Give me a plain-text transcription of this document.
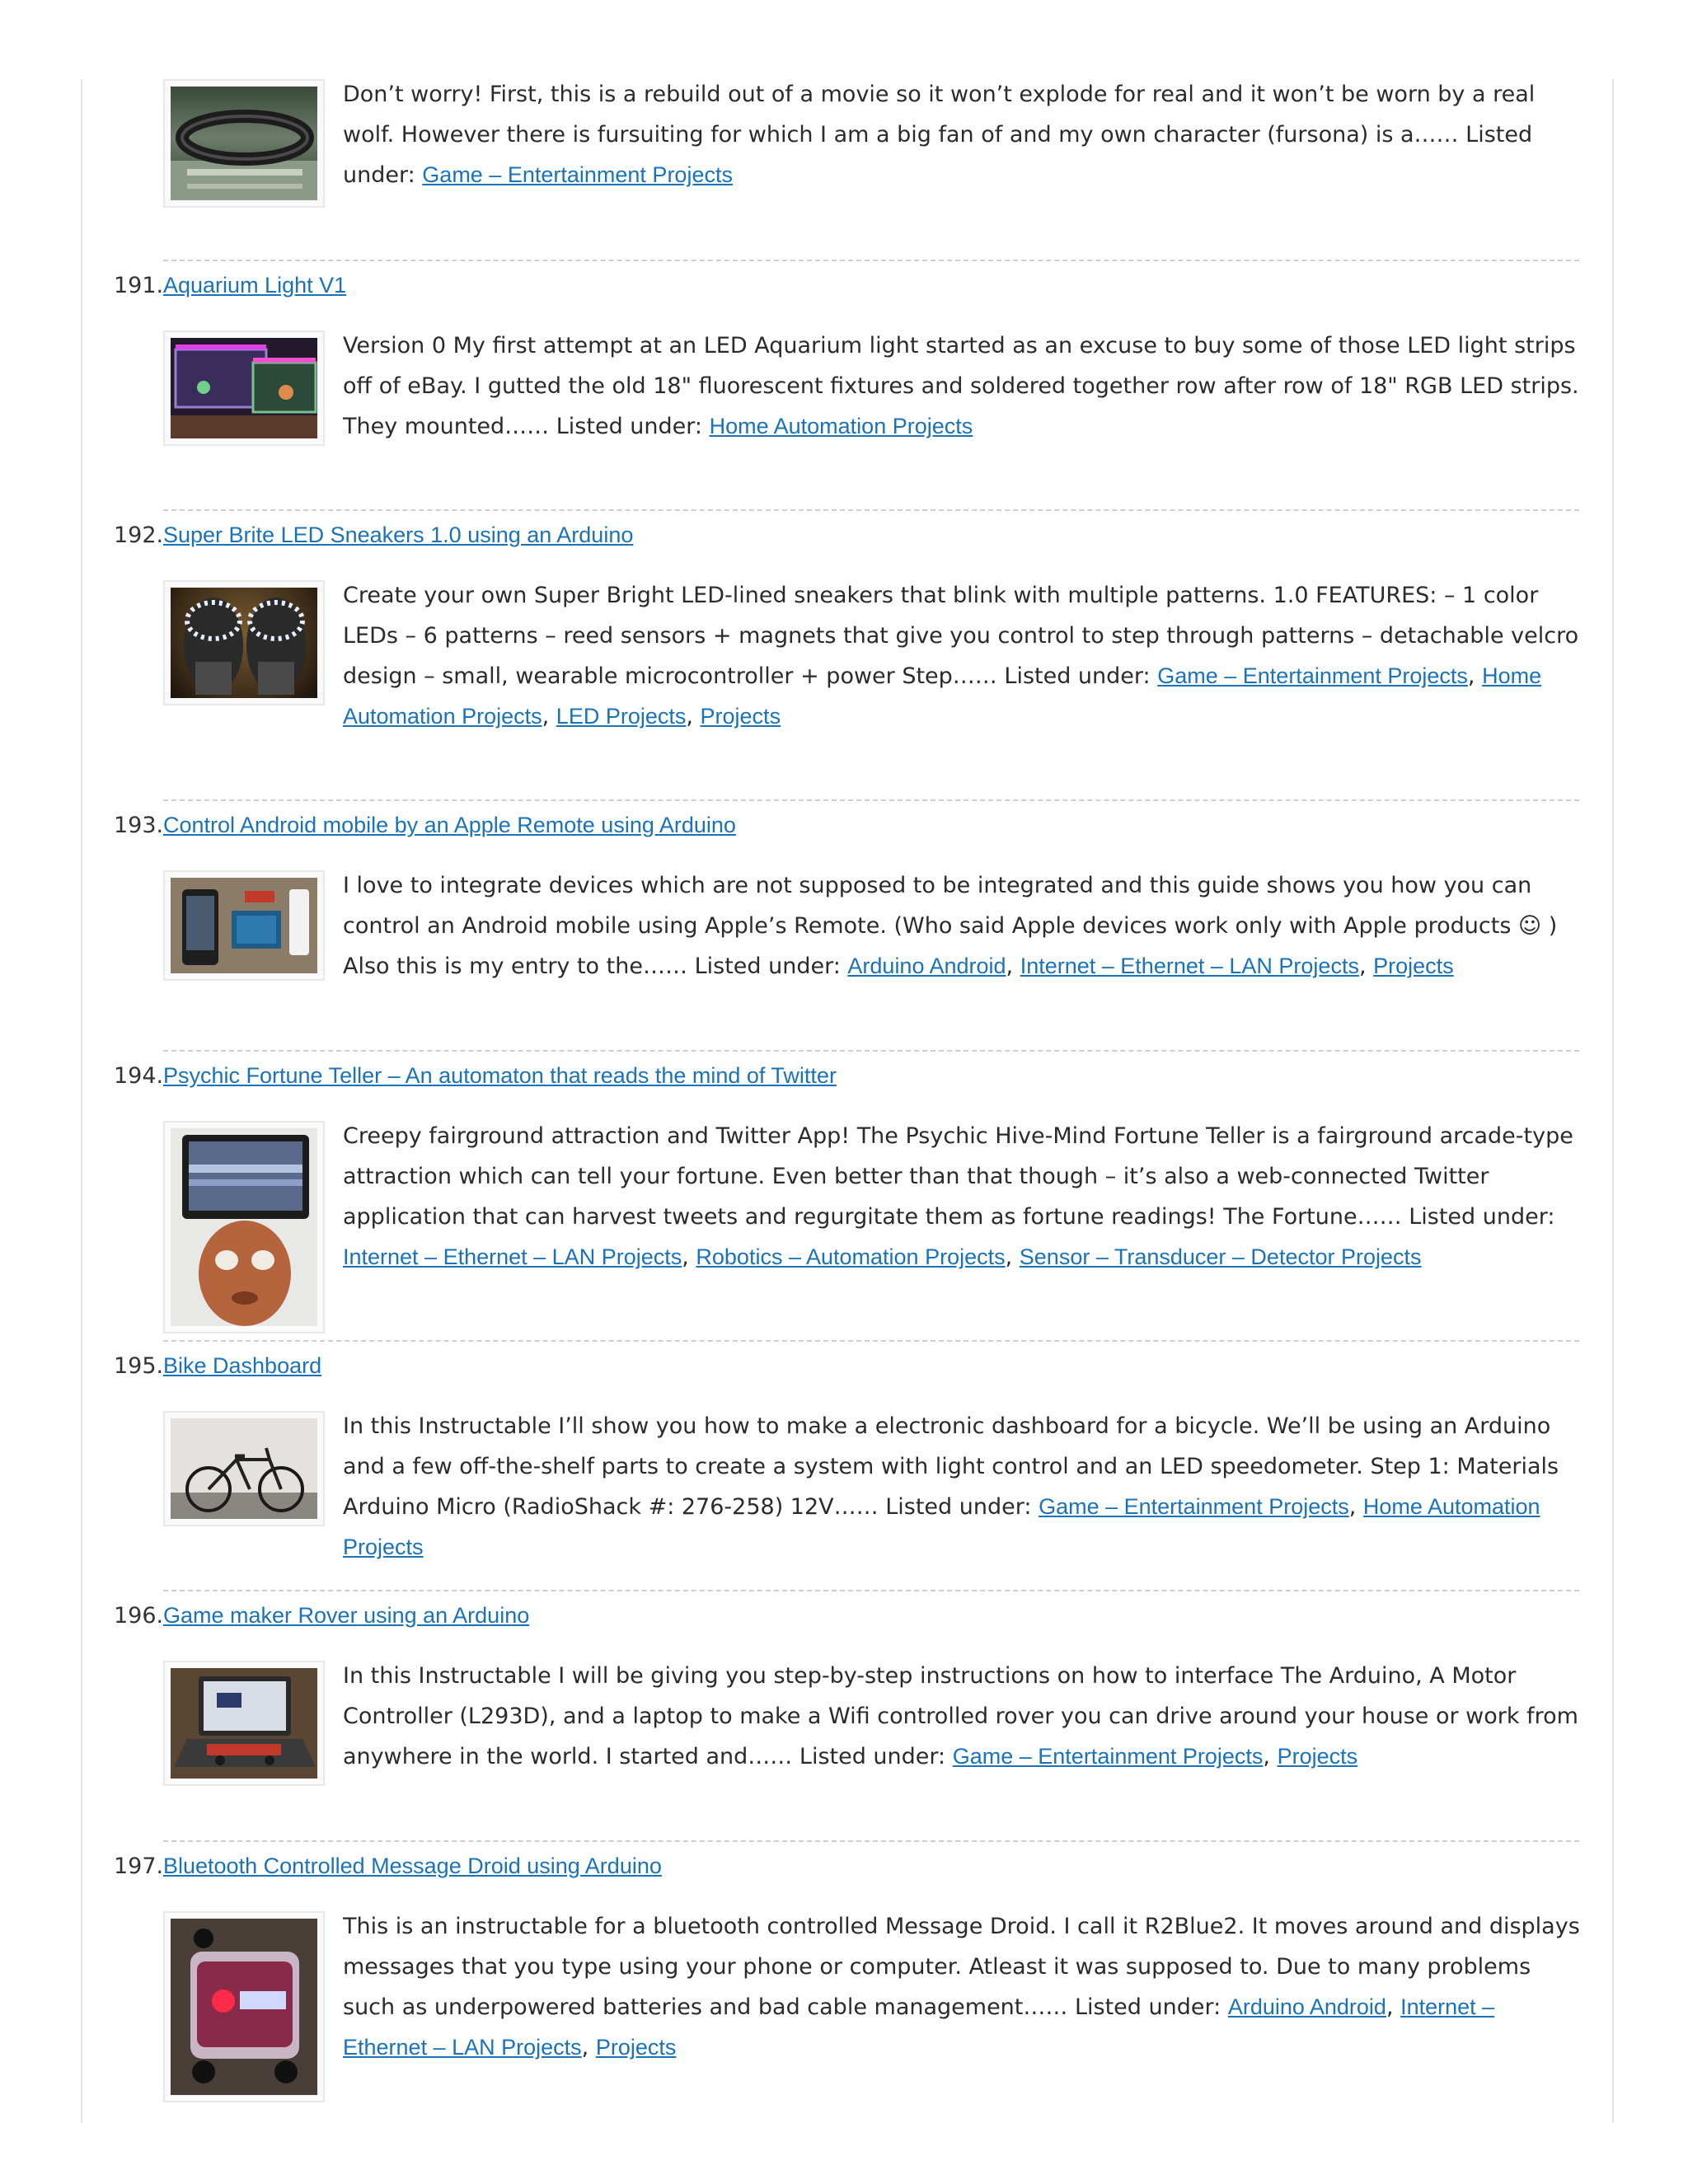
Don’t worry! First, this is a rebuild out of a movie so it won’t explode for real and it won’t be worn by a real wolf. However there is fursuiting for which I am a big fan of and my own character (fursona) is a…… Listed under: Game – Entertainment Projects
191. Aquarium Light V1
Version 0 My first attempt at an LED Aquarium light started as an excuse to buy some of those LED light strips off of eBay. I gutted the old 18" fluorescent fixtures and soldered together row after row of 18" RGB LED strips. They mounted…… Listed under: Home Automation Projects
192. Super Brite LED Sneakers 1.0 using an Arduino
Create your own Super Bright LED-lined sneakers that blink with multiple patterns. 1.0 FEATURES: – 1 color LEDs – 6 patterns – reed sensors + magnets that give you control to step through patterns – detachable velcro design – small, wearable microcontroller + power Step…… Listed under: Game – Entertainment Projects, Home Automation Projects, LED Projects, Projects
193. Control Android mobile by an Apple Remote using Arduino
I love to integrate devices which are not supposed to be integrated and this guide shows you how you can control an Android mobile using Apple’s Remote. (Who said Apple devices work only with Apple products ☺ ) Also this is my entry to the…… Listed under: Arduino Android, Internet – Ethernet – LAN Projects, Projects
194. Psychic Fortune Teller – An automaton that reads the mind of Twitter
Creepy fairground attraction and Twitter App! The Psychic Hive-Mind Fortune Teller is a fairground arcade-type attraction which can tell your fortune. Even better than that though – it’s also a web-connected Twitter application that can harvest tweets and regurgitate them as fortune readings! The Fortune…… Listed under: Internet – Ethernet – LAN Projects, Robotics – Automation Projects, Sensor – Transducer – Detector Projects
195. Bike Dashboard
In this Instructable I’ll show you how to make a electronic dashboard for a bicycle. We’ll be using an Arduino and a few off-the-shelf parts to create a system with light control and an LED speedometer. Step 1: Materials Arduino Micro (RadioShack #: 276-258) 12V…… Listed under: Game – Entertainment Projects, Home Automation Projects
196. Game maker Rover using an Arduino
In this Instructable I will be giving you step-by-step instructions on how to interface The Arduino, A Motor Controller (L293D), and a laptop to make a Wifi controlled rover you can drive around your house or work from anywhere in the world. I started and…… Listed under: Game – Entertainment Projects, Projects
197. Bluetooth Controlled Message Droid using Arduino
This is an instructable for a bluetooth controlled Message Droid. I call it R2Blue2. It moves around and displays messages that you type using your phone or computer. Atleast it was supposed to. Due to many problems such as underpowered batteries and bad cable management…… Listed under: Arduino Android, Internet – Ethernet – LAN Projects, Projects
